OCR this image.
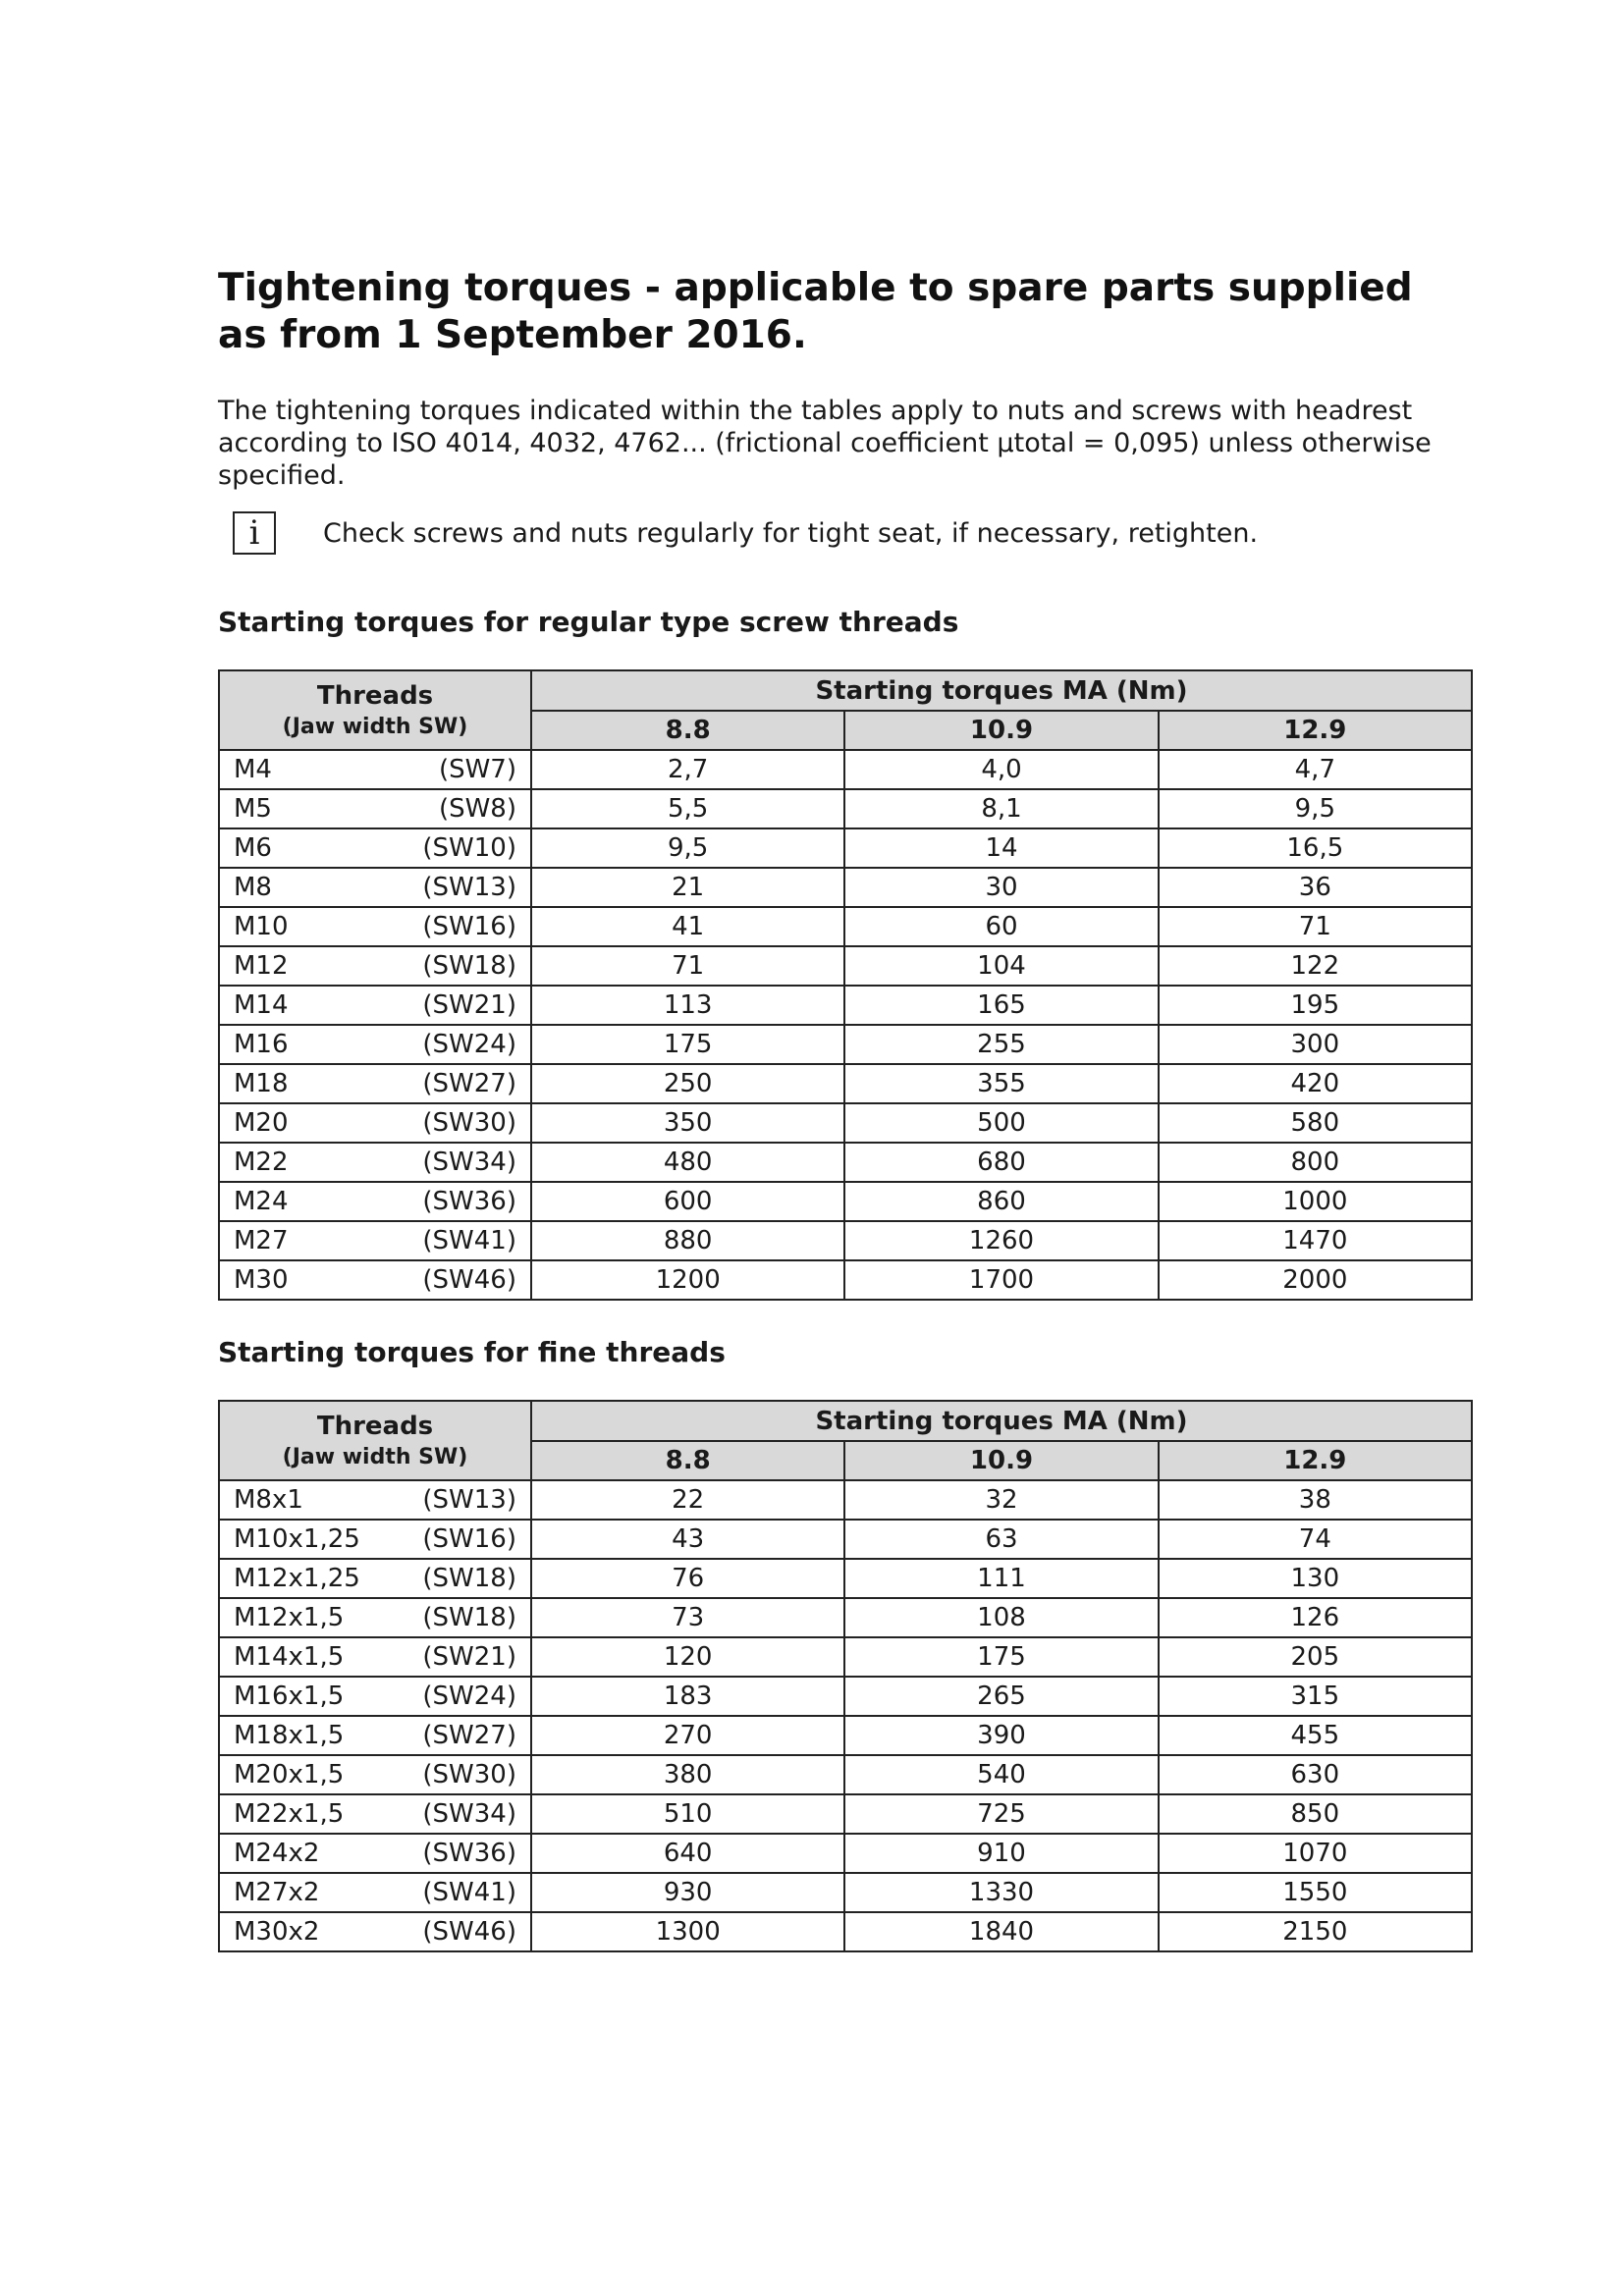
Tightening torques - applicable to spare parts supplied as from 1 September 2016.

The tightening torques indicated within the tables apply to nuts and screws with headrest according to ISO 4014, 4032, 4762... (frictional coefficient µtotal = 0,095) unless otherwise specified.

i	Check screws and nuts regularly for tight seat, if necessary, retighten.
Starting torques for regular type screw threads
Threads
(Jaw width SW)	Starting torques MA (Nm)		
	8.8	10.9	12.9

M4 (SW7)	2,7	4,0	4,7

M5 (SW8)	5,5	8,1	9,5

M6 (SW10)	9,5	14	16,5

M8 (SW13)	21	30	36

M10 (SW16)	41	60	71

M12 (SW18)	71	104	122

M14 (SW21)	113	165	195

M16 (SW24)	175	255	300

M18 (SW27)	250	355	420

M20 (SW30)	350	500	580

M22 (SW34)	480	680	800

M24 (SW36)	600	860	1000

M27 (SW41)	880	1260	1470

M30 (SW46)	1200	1700	2000
Starting torques for fine threads
Threads
(Jaw width SW)	Starting torques MA (Nm)		
	8.8	10.9	12.9

M8x1 (SW13)	22	32	38

M10x1,25 (SW16)	43	63	74

M12x1,25 (SW18)	76	111	130

M12x1,5 (SW18)	73	108	126

M14x1,5 (SW21)	120	175	205

M16x1,5 (SW24)	183	265	315

M18x1,5 (SW27)	270	390	455

M20x1,5 (SW30)	380	540	630

M22x1,5 (SW34)	510	725	850

M24x2 (SW36)	640	910	1070

M27x2 (SW41)	930	1330	1550

M30x2 (SW46)	1300	1840	2150
